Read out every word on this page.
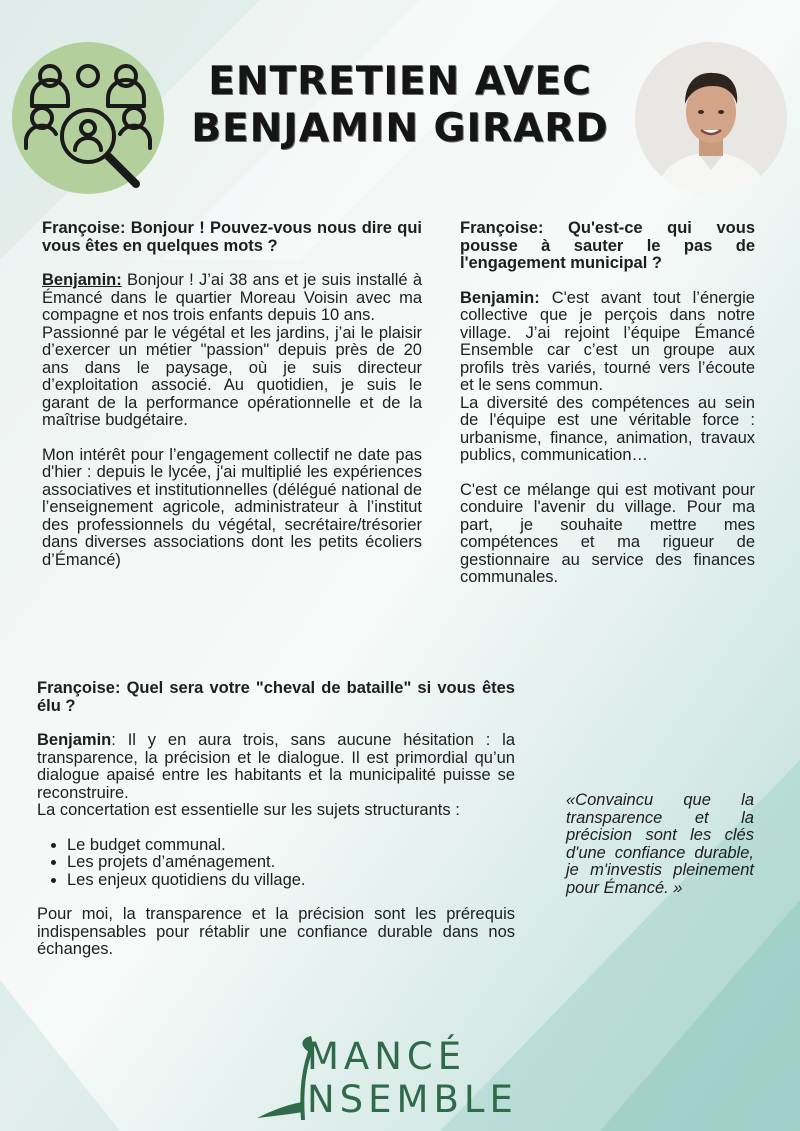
ENTRETIEN AVEC
BENJAMIN GIRARD

Françoise: Bonjour ! Pouvez-vous nous dire qui vous êtes en quelques mots ?

Benjamin: Bonjour ! J’ai 38 ans et je suis installé à Émancé dans le quartier Moreau Voisin avec ma compagne et nos trois enfants depuis 10 ans.

Passionné par le végétal et les jardins, j’ai le plaisir d’exercer un métier "passion" depuis près de 20 ans dans le paysage, où je suis directeur d’exploitation associé. Au quotidien, je suis le garant de la performance opérationnelle et de la maîtrise budgétaire.

Mon intérêt pour l’engagement collectif ne date pas d'hier : depuis le lycée, j'ai multiplié les expériences associatives et institutionnelles (délégué national de l’enseignement agricole, administrateur à l’institut des professionnels du végétal, secrétaire/trésorier dans diverses associations dont les petits écoliers d’Émancé)

Françoise: Qu'est-ce qui vous pousse à sauter le pas de l'engagement municipal ?

Benjamin: C'est avant tout l’énergie collective que je perçois dans notre village. J’ai rejoint l’équipe Émancé Ensemble car c’est un groupe aux profils très variés, tourné vers l’écoute et le sens commun.

La diversité des compétences au sein de l'équipe est une véritable force : urbanisme, finance, animation, travaux publics, communication…

C'est ce mélange qui est motivant pour conduire l'avenir du village. Pour ma part, je souhaite mettre mes compétences et ma rigueur de gestionnaire au service des finances communales.

Françoise: Quel sera votre "cheval de bataille" si vous êtes élu ?

Benjamin: Il y en aura trois, sans aucune hésitation : la transparence, la précision et le dialogue. Il est primordial qu’un dialogue apaisé entre les habitants et la municipalité puisse se reconstruire.

La concertation est essentielle sur les sujets structurants :

• Le budget communal.
• Les projets d’aménagement.
• Les enjeux quotidiens du village.

Pour moi, la transparence et la précision sont les prérequis indispensables pour rétablir une confiance durable dans nos échanges.

«Convaincu que la transparence et la précision sont les clés d'une confiance durable, je m'investis pleinement pour Émancé. »
MANCÉ
NSEMBLE
